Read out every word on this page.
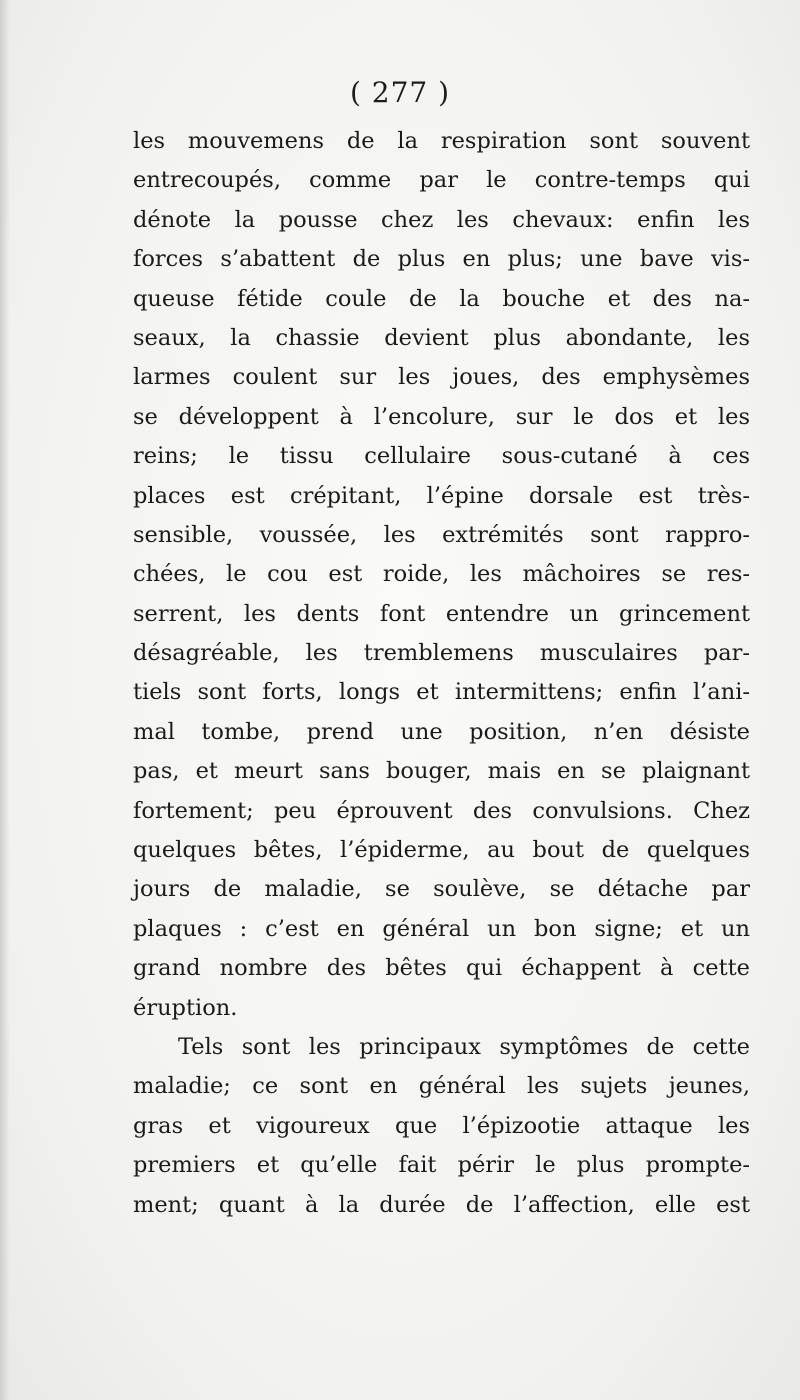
( 277 )
les mouvemens de la respiration sont souvent
entrecoupés, comme par le contre-temps qui
dénote la pousse chez les chevaux: enfin les
forces s’abattent de plus en plus; une bave vis-
queuse fétide coule de la bouche et des na-
seaux, la chassie devient plus abondante, les
larmes coulent sur les joues, des emphysèmes
se développent à l’encolure, sur le dos et les
reins; le tissu cellulaire sous-cutané à ces
places est crépitant, l’épine dorsale est très-
sensible, voussée, les extrémités sont rappro-
chées, le cou est roide, les mâchoires se res-
serrent, les dents font entendre un grincement
désagréable, les tremblemens musculaires par-
tiels sont forts, longs et intermittens; enfin l’ani-
mal tombe, prend une position, n’en désiste
pas, et meurt sans bouger, mais en se plaignant
fortement; peu éprouvent des convulsions. Chez
quelques bêtes, l’épiderme, au bout de quelques
jours de maladie, se soulève, se détache par
plaques : c’est en général un bon signe; et un
grand nombre des bêtes qui échappent à cette
éruption.
Tels sont les principaux symptômes de cette
maladie; ce sont en général les sujets jeunes,
gras et vigoureux que l’épizootie attaque les
premiers et qu’elle fait périr le plus prompte-
ment; quant à la durée de l’affection, elle est
